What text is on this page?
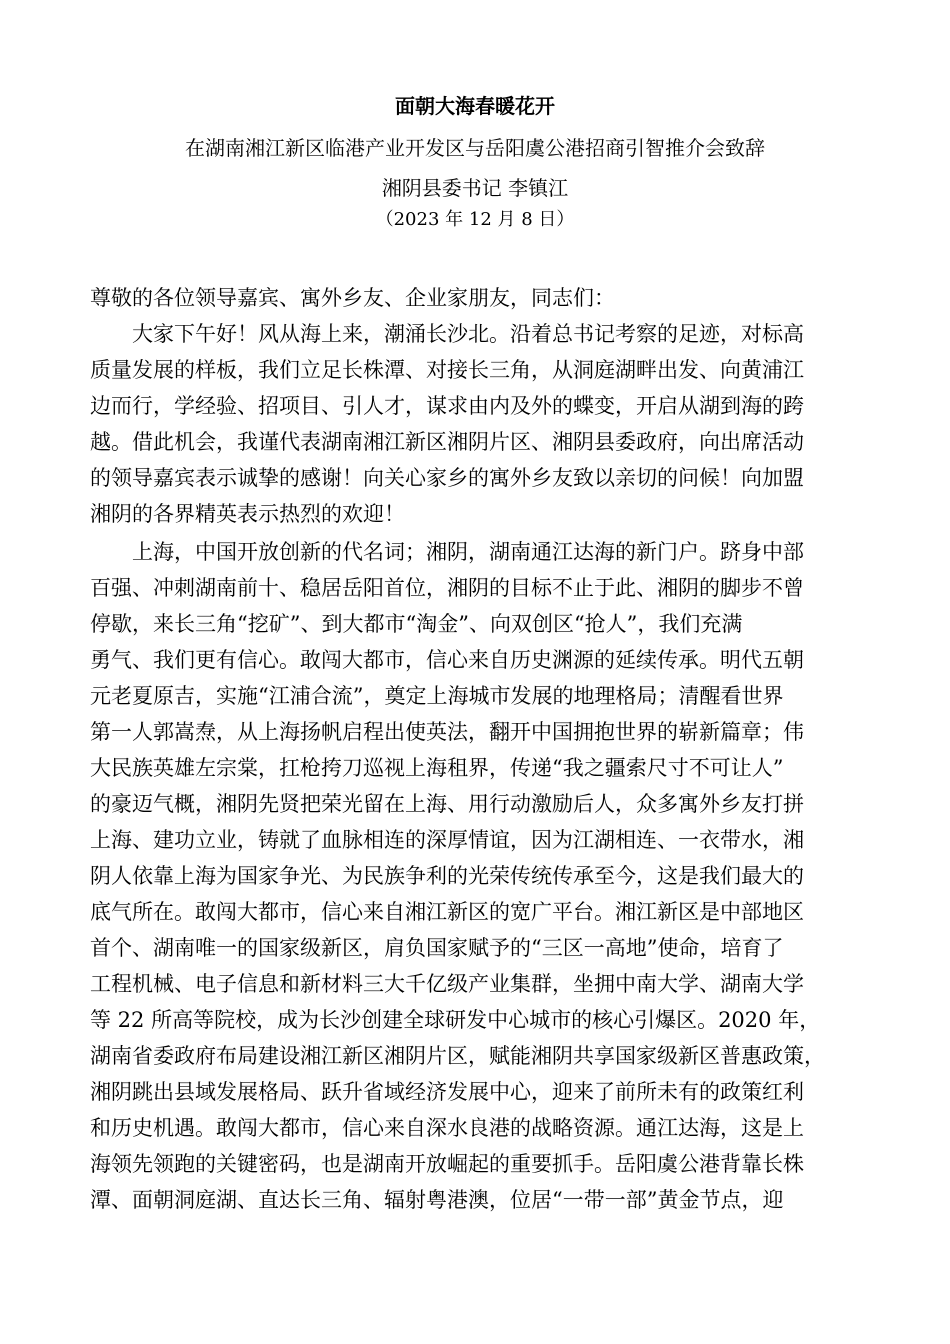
面朝大海春暖花开
在湖南湘江新区临港产业开发区与岳阳虞公港招商引智推介会致辞
湘阴县委书记 李镇江
（2023 年 12 月 8 日）
尊敬的各位领导嘉宾、寓外乡友、企业家朋友，同志们：
大家下午好！风从海上来，潮涌长沙北。沿着总书记考察的足迹，对标高
质量发展的样板，我们立足长株潭、对接长三角，从洞庭湖畔出发、向黄浦江
边而行，学经验、招项目、引人才，谋求由内及外的蝶变，开启从湖到海的跨
越。借此机会，我谨代表湖南湘江新区湘阴片区、湘阴县委政府，向出席活动
的领导嘉宾表示诚挚的感谢！向关心家乡的寓外乡友致以亲切的问候！向加盟
湘阴的各界精英表示热烈的欢迎！
上海，中国开放创新的代名词；湘阴，湖南通江达海的新门户。跻身中部
百强、冲刺湖南前十、稳居岳阳首位，湘阴的目标不止于此、湘阴的脚步不曾
停歇，来长三角“挖矿”、到大都市“淘金”、向双创区“抢人”，我们充满
勇气、我们更有信心。敢闯大都市，信心来自历史渊源的延续传承。明代五朝
元老夏原吉，实施“江浦合流”，奠定上海城市发展的地理格局；清醒看世界
第一人郭嵩焘，从上海扬帆启程出使英法，翻开中国拥抱世界的崭新篇章；伟
大民族英雄左宗棠，扛枪挎刀巡视上海租界，传递“我之疆索尺寸不可让人”
的豪迈气概，湘阴先贤把荣光留在上海、用行动激励后人，众多寓外乡友打拼
上海、建功立业，铸就了血脉相连的深厚情谊，因为江湖相连、一衣带水，湘
阴人依靠上海为国家争光、为民族争利的光荣传统传承至今，这是我们最大的
底气所在。敢闯大都市，信心来自湘江新区的宽广平台。湘江新区是中部地区
首个、湖南唯一的国家级新区，肩负国家赋予的“三区一高地”使命，培育了
工程机械、电子信息和新材料三大千亿级产业集群，坐拥中南大学、湖南大学
等 22 所高等院校，成为长沙创建全球研发中心城市的核心引爆区。2020 年，
湖南省委政府布局建设湘江新区湘阴片区，赋能湘阴共享国家级新区普惠政策，
湘阴跳出县域发展格局、跃升省域经济发展中心，迎来了前所未有的政策红利
和历史机遇。敢闯大都市，信心来自深水良港的战略资源。通江达海，这是上
海领先领跑的关键密码，也是湖南开放崛起的重要抓手。岳阳虞公港背靠长株
潭、面朝洞庭湖、直达长三角、辐射粤港澳，位居“一带一部”黄金节点，迎
